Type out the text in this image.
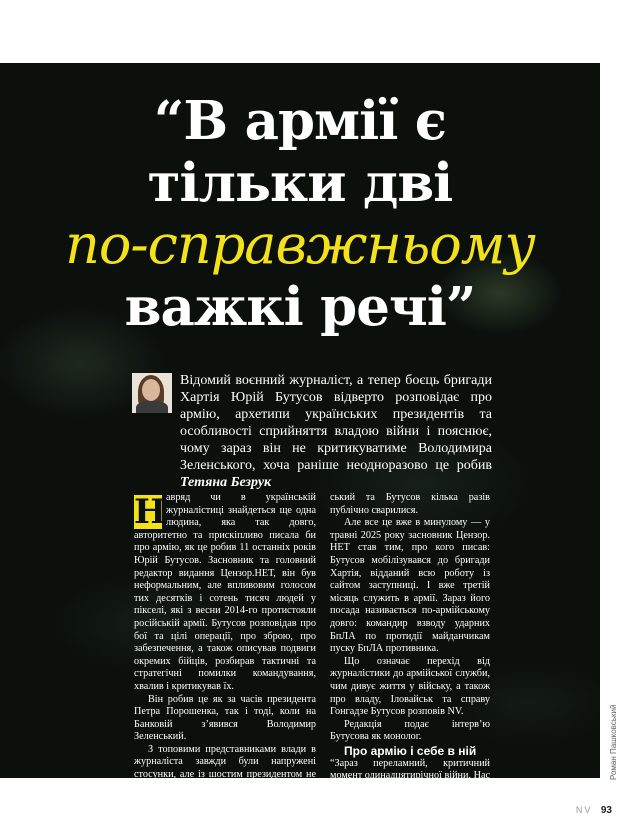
“В армії є
тільки дві
по-справжньому
важкі речі”

Відомий воєнний журналіст, а тепер боєць бригади Хартія Юрій Бутусов відверто розповідає про армію, архетипи українських президентів та особливості сприйняття владою війни і пояснює, чому зараз він не критикуватиме Володимира Зеленського, хоча раніше неодноразово це робив Тетяна Безрук

Н авряд чи в українській журналістиці знайдеться ще одна людина, яка так довго, авторитетно та прискіпливо писала би про армію, як це робив 11 останніх років Юрій Бутусов. Засновник та головний редактор видання Цензор.НЕТ, він був неформальним, але впливовим голосом тих десятків і сотень тисяч людей у пікселі, які з весни 2014-го протистояли російській армії. Бутусов розповідав про бої та цілі операції, про зброю, про забезпечення, а також описував подвиги окремих бійців, розбирав тактичні та стратегічні помилки командування, хвалив і критикував їх.

Він робив це як за часів президента Петра Порошенка, так і тоді, коли на Банковій з’явився Володимир Зеленський.

З топовими представниками влади в журналіста завжди були напружені стосунки, але із шостим президентом не склалося особливо — Зелен-

ський та Бутусов кілька разів публічно сварилися.

Але все це вже в минулому — у травні 2025 року засновник Цензор. НЕТ став тим, про кого писав: Бутусов мобілізувався до бригади Хартія, відданий всю роботу із сайтом заступниці. І вже третій місяць служить в армії. Зараз його посада називається по-армійському довго: командир взводу ударних БпЛА по протидії майданчикам пуску БпЛА противника.

Що означає перехід від журналістики до армійської служби, чим дивує життя у війську, а також про владу, Іловайськ та справу Гонгадзе Бутусов розповів NV.

Редакція подає інтерв’ю Бутусова як монолог.

Про армію і себе в ній

“Зараз переламний, критичний момент одинадцятирічної війни. Нас намагаються схилити до миру. Миру, який має бути схожий на капітуляцію.

Роман Пашковський
NV 93
